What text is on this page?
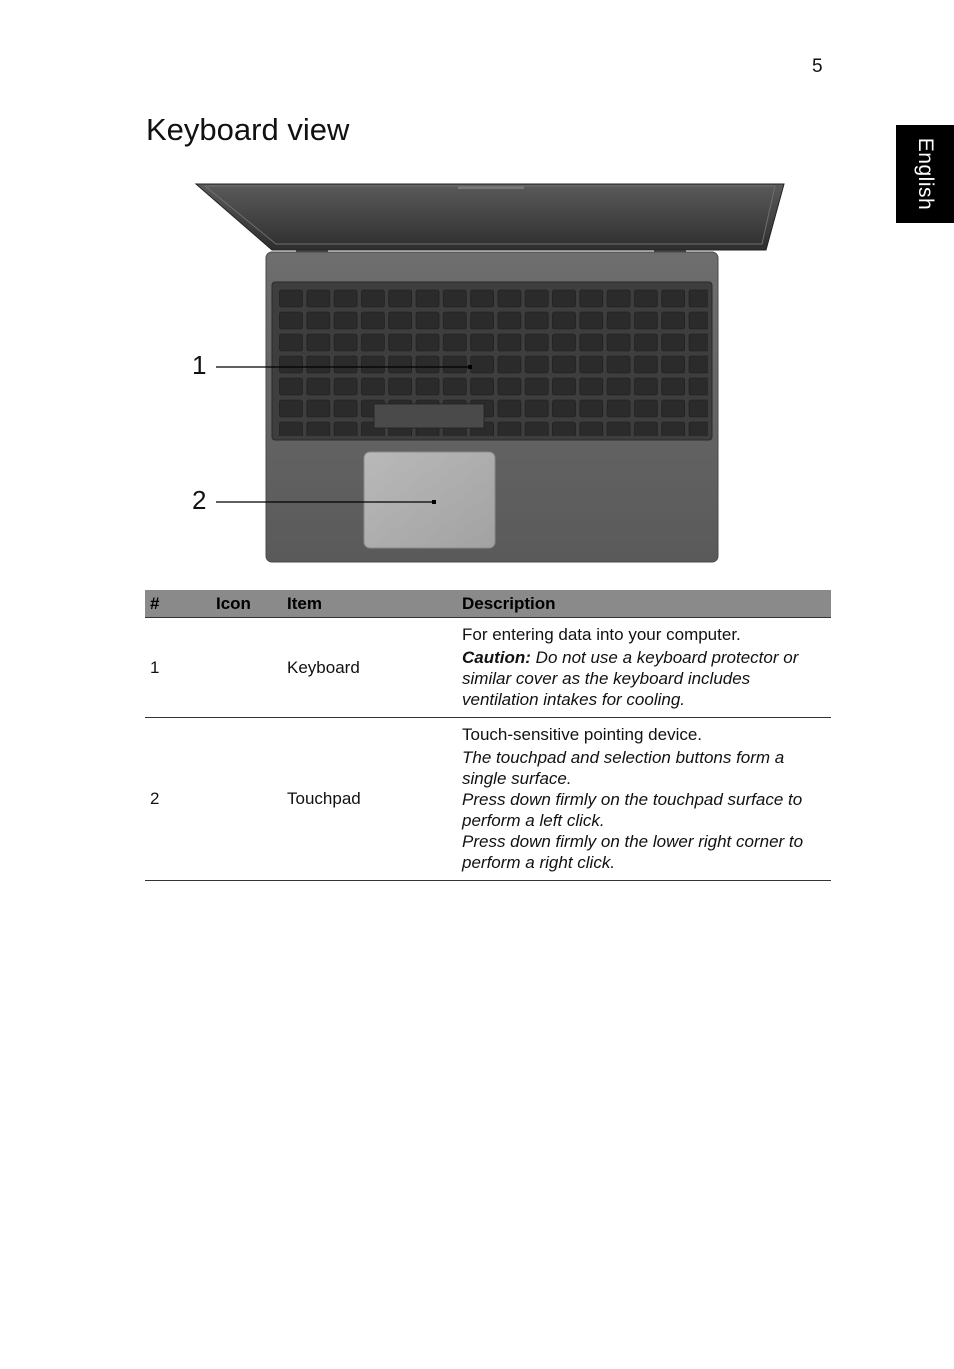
5
English
Keyboard view
1
2
#	Icon	Item	Description
1		Keyboard	For entering data into your computer.
Caution: Do not use a keyboard protector or similar cover as the keyboard includes ventilation intakes for cooling.

2		Touchpad	Touch-sensitive pointing device.
The touchpad and selection buttons form a single surface.
Press down firmly on the touchpad surface to perform a left click.
Press down firmly on the lower right corner to perform a right click.
